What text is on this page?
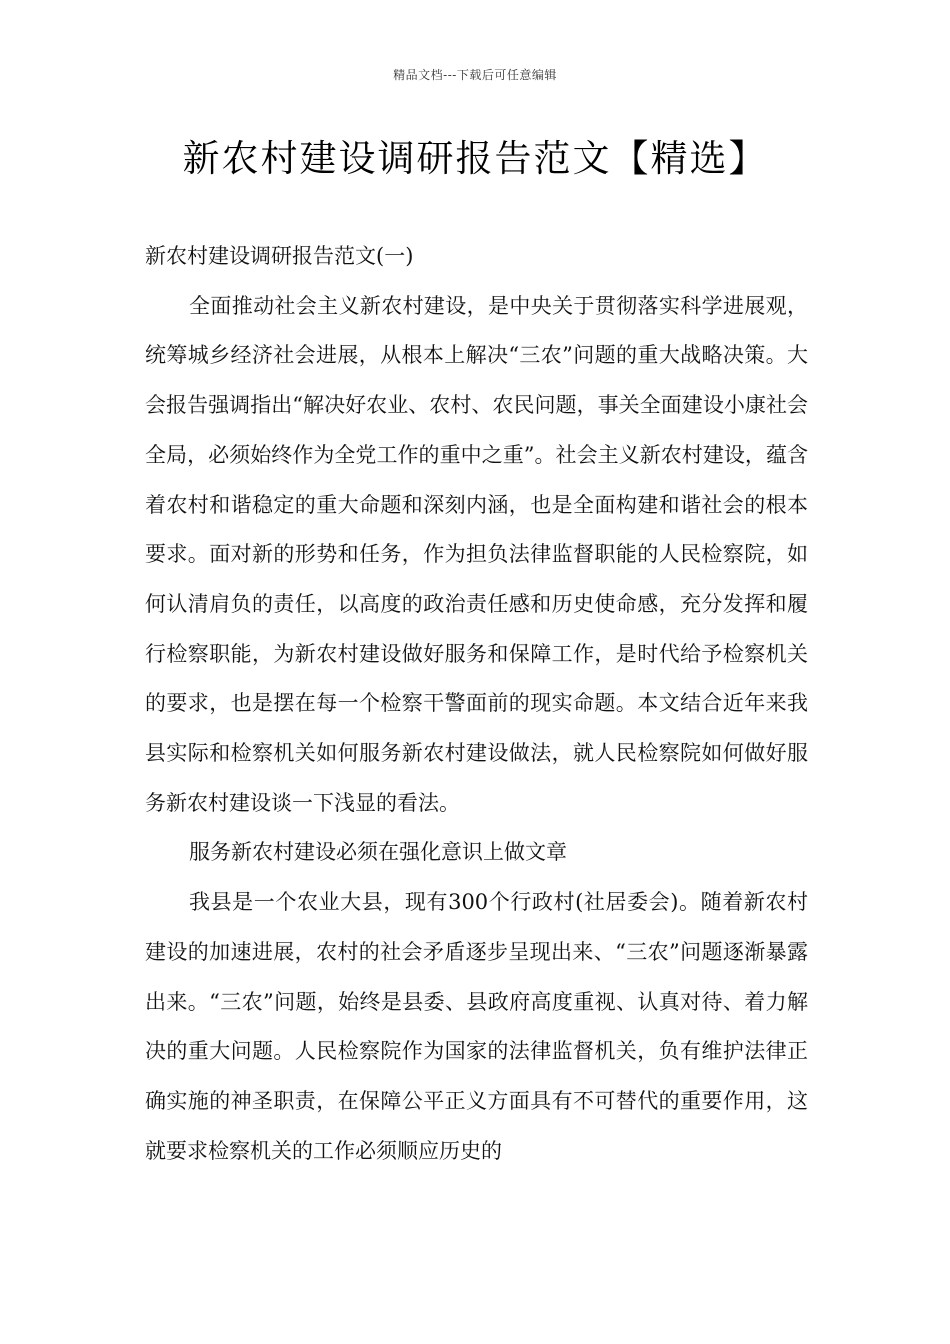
精品文档---下载后可任意编辑
新农村建设调研报告范文【精选】

新农村建设调研报告范文(一)

全面推动社会主义新农村建设，是中央关于贯彻落实科学进展观，统筹城乡经济社会进展，从根本上解决“三农”问题的重大战略决策。大会报告强调指出“解决好农业、农村、农民问题，事关全面建设小康社会全局，必须始终作为全党工作的重中之重”。社会主义新农村建设，蕴含着农村和谐稳定的重大命题和深刻内涵，也是全面构建和谐社会的根本要求。面对新的形势和任务，作为担负法律监督职能的人民检察院，如何认清肩负的责任，以高度的政治责任感和历史使命感，充分发挥和履行检察职能，为新农村建设做好服务和保障工作，是时代给予检察机关的要求，也是摆在每一个检察干警面前的现实命题。本文结合近年来我县实际和检察机关如何服务新农村建设做法，就人民检察院如何做好服务新农村建设谈一下浅显的看法。

服务新农村建设必须在强化意识上做文章

我县是一个农业大县，现有300个行政村(社居委会)。随着新农村建设的加速进展，农村的社会矛盾逐步呈现出来、“三农”问题逐渐暴露出来。“三农”问题，始终是县委、县政府高度重视、认真对待、着力解决的重大问题。人民检察院作为国家的法律监督机关，负有维护法律正确实施的神圣职责，在保障公平正义方面具有不可替代的重要作用，这就要求检察机关的工作必须顺应历史的
